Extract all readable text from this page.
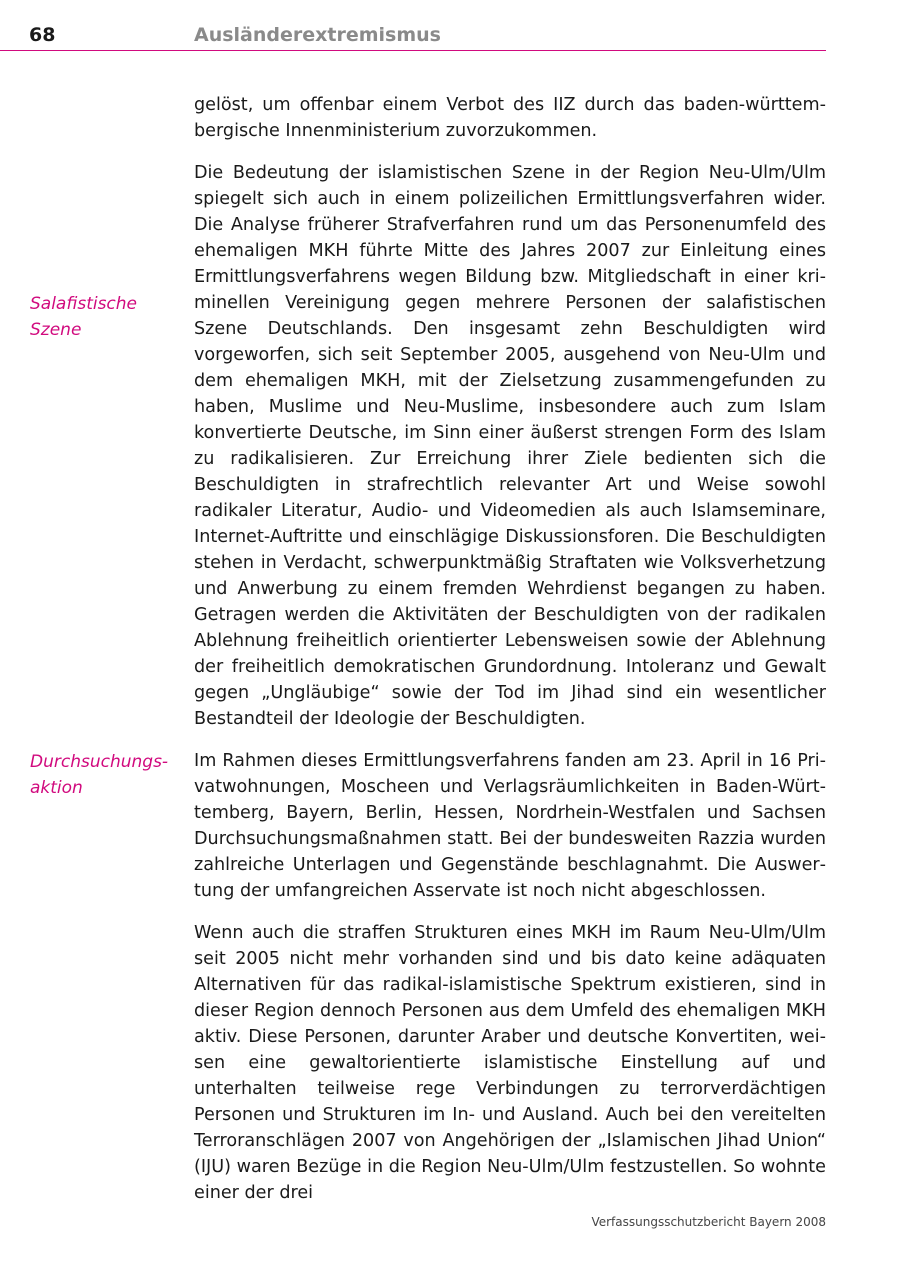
68	Ausländerextremismus

Salafistische
Szene

Durchsuchungs-
aktion

gelöst, um offenbar einem Verbot des IIZ durch das baden-württembergische Innenministerium zuvorzukommen.

Die Bedeutung der islamistischen Szene in der Region Neu-Ulm/Ulm spiegelt sich auch in einem polizeilichen Ermittlungsverfahren wider. Die Analyse früherer Strafverfahren rund um das Personenumfeld des ehemaligen MKH führte Mitte des Jahres 2007 zur Einleitung eines Ermittlungsverfahrens wegen Bildung bzw. Mitgliedschaft in einer kriminellen Vereinigung gegen mehrere Personen der salafistischen Szene Deutschlands. Den insgesamt zehn Beschuldigten wird vorgeworfen, sich seit September 2005, ausgehend von Neu-Ulm und dem ehemaligen MKH, mit der Zielsetzung zusammengefunden zu haben, Muslime und Neu-Muslime, insbesondere auch zum Islam konvertierte Deutsche, im Sinn einer äußerst strengen Form des Islam zu radikalisieren. Zur Erreichung ihrer Ziele bedienten sich die Beschuldigten in strafrechtlich relevanter Art und Weise sowohl radikaler Literatur, Audio- und Videomedien als auch Islamseminare, Internet-Auftritte und einschlägige Diskussionsforen. Die Beschuldigten stehen in Verdacht, schwerpunktmäßig Straftaten wie Volksverhetzung und Anwerbung zu einem fremden Wehrdienst begangen zu haben. Getragen werden die Aktivitäten der Beschuldigten von der radikalen Ablehnung freiheitlich orientierter Lebensweisen sowie der Ablehnung der freiheitlich demokratischen Grundordnung. Intoleranz und Gewalt gegen „Ungläubige“ sowie der Tod im Jihad sind ein wesentlicher Bestandteil der Ideologie der Beschuldigten.

Im Rahmen dieses Ermittlungsverfahrens fanden am 23. April in 16 Privatwohnungen, Moscheen und Verlagsräumlichkeiten in Baden-Württemberg, Bayern, Berlin, Hessen, Nordrhein-Westfalen und Sachsen Durchsuchungsmaßnahmen statt. Bei der bundesweiten Razzia wurden zahlreiche Unterlagen und Gegenstände beschlagnahmt. Die Auswertung der umfangreichen Asservate ist noch nicht abgeschlossen.

Wenn auch die straffen Strukturen eines MKH im Raum Neu-Ulm/Ulm seit 2005 nicht mehr vorhanden sind und bis dato keine adäquaten Alternativen für das radikal-islamistische Spektrum existieren, sind in dieser Region dennoch Personen aus dem Umfeld des ehemaligen MKH aktiv. Diese Personen, darunter Araber und deutsche Konvertiten, weisen eine gewaltorientierte islamistische Einstellung auf und unterhalten teilweise rege Verbindungen zu terrorverdächtigen Personen und Strukturen im In- und Ausland. Auch bei den vereitelten Terroranschlägen 2007 von Angehörigen der „Islamischen Jihad Union“ (IJU) waren Bezüge in die Region Neu-Ulm/Ulm festzustellen. So wohnte einer der drei

Verfassungsschutzbericht Bayern 2008
